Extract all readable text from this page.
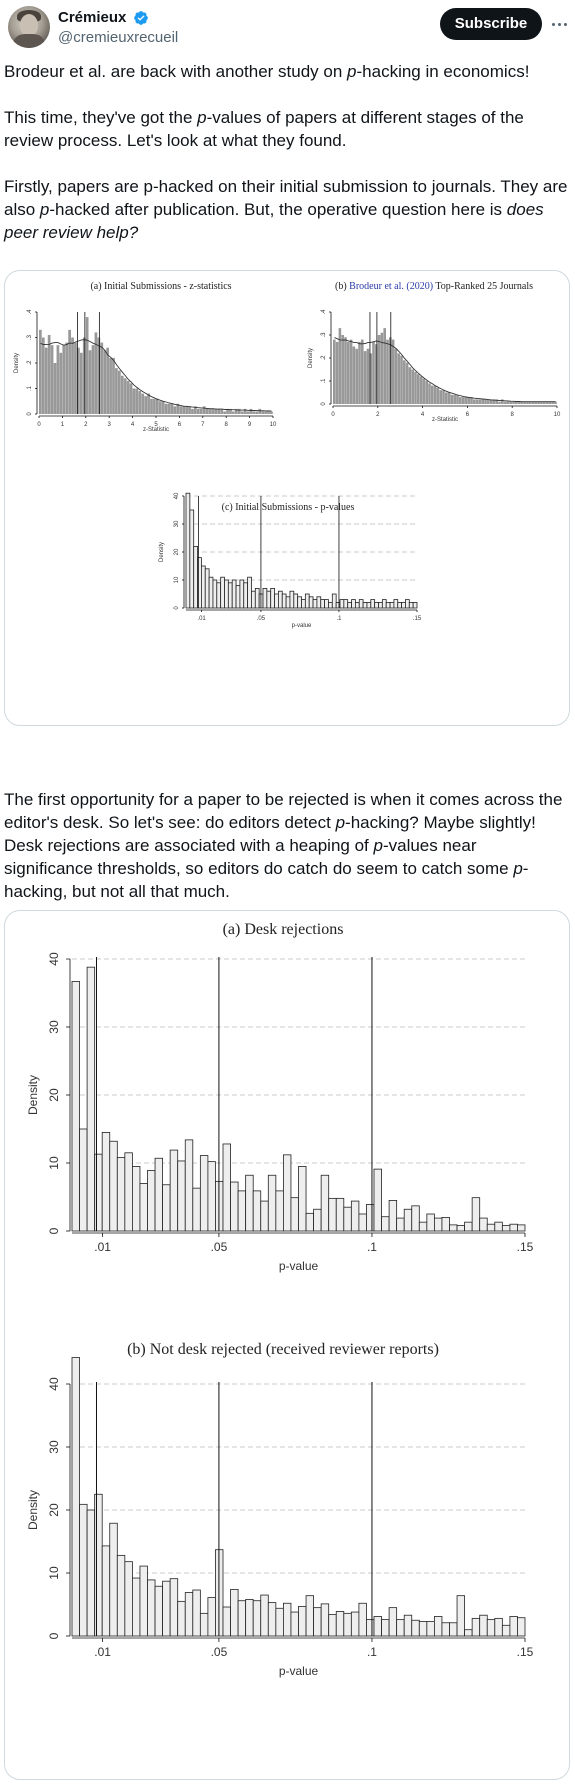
Crémieux
@cremieuxrecueil
Subscribe

Brodeur et al. are back with another study on p-hacking in economics!

This time, they've got the p-values of papers at different stages of the review process. Let's look at what they found.

Firstly, papers are p-hacked on their initial submission to journals. They are also p-hacked after publication. But, the operative question here is does peer review help?

(a) Initial Submissions - z-statistics	(b) Brodeur et al. (2020) Top-Ranked 25 Journals
(c) Initial Submissions - p-values
0
.1
.2
.3
.4
0	1	2	3	4	5	6	7	8	9	10
z-Statistic
Density
0
.1
.2
.3
.4
0	2	4	6	8	10
z-Statistic
Density
0
10
20
30
40
.01	.05	.1	.15
p-value
Density

The first opportunity for a paper to be rejected is when it comes across the editor's desk. So let's see: do editors detect p-hacking? Maybe slightly! Desk rejections are associated with a heaping of p-values near significance thresholds, so editors do catch do seem to catch some p-hacking, but not all that much.

(a) Desk rejections
(b) Not desk rejected (received reviewer reports)
0
10
20
30
40
.01	.05	.1	.15
p-value
Density
0
10
20
30
40
.01	.05	.1	.15
p-value
Density
